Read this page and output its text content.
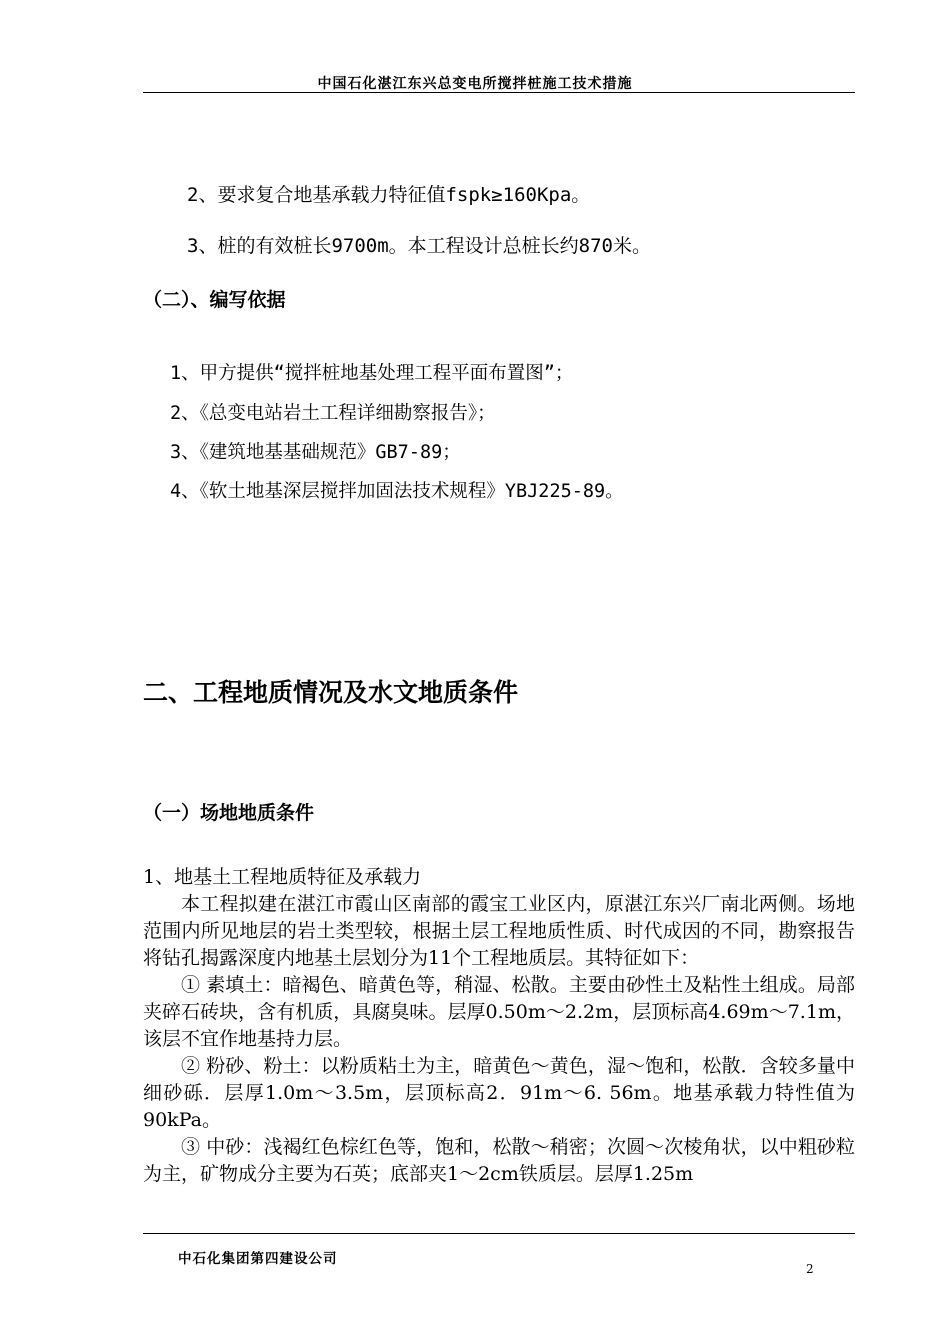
中国石化湛江东兴总变电所搅拌桩施工技术措施
2、要求复合地基承载力特征值fspk≥160Kpa。
3、桩的有效桩长9700m。本工程设计总桩长约870米。
（二）、编写依据
1、甲方提供“搅拌桩地基处理工程平面布置图”；
2、《总变电站岩土工程详细勘察报告》；
3、《建筑地基基础规范》GB7-89；
4、《软土地基深层搅拌加固法技术规程》YBJ225-89。
二、工程地质情况及水文地质条件
（一）场地地质条件

1、地基土工程地质特征及承载力

本工程拟建在湛江市霞山区南部的霞宝工业区内，原湛江东兴厂南北两侧。场地范围内所见地层的岩土类型较，根据土层工程地质性质、时代成因的不同，勘察报告将钻孔揭露深度内地基土层划分为11个工程地质层。其特征如下：

① 素填土：暗褐色、暗黄色等，稍湿、松散。主要由砂性土及粘性土组成。局部夹碎石砖块，含有机质，具腐臭味。层厚0.50m～2.2m，层顶标高4.69m～7.1m，该层不宜作地基持力层。

② 粉砂、粉土：以粉质粘土为主，暗黄色～黄色，湿～饱和，松散．含较多量中细砂砾．层厚1.0m～3.5m，层顶标高2．91m～6. 56m。地基承载力特性值为90kPa。

③ 中砂：浅褐红色棕红色等，饱和，松散～稍密；次圆～次棱角状，以中粗砂粒为主，矿物成分主要为石英；底部夹1～2cm铁质层。层厚1.25m

中石化集团第四建设公司
2
